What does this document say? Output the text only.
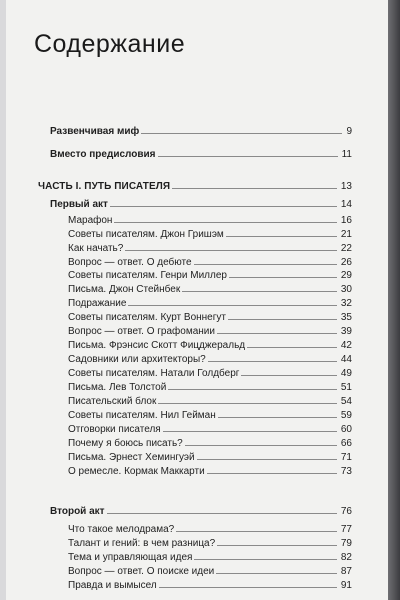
Содержание
Развенчивая миф	9
Вместо предисловия	11
ЧАСТЬ I. ПУТЬ ПИСАТЕЛЯ	13
Первый акт	14
Марафон	16
Советы писателям. Джон Гришэм	21
Как начать?	22
Вопрос — ответ. О дебюте	26
Советы писателям. Генри Миллер	29
Письма. Джон Стейнбек	30
Подражание	32
Советы писателям. Курт Воннегут	35
Вопрос — ответ. О графомании	39
Письма. Фрэнсис Скотт Фицджеральд	42
Садовники или архитекторы?	44
Советы писателям. Натали Голдберг	49
Письма. Лев Толстой	51
Писательский блок	54
Советы писателям. Нил Гейман	59
Отговорки писателя	60
Почему я боюсь писать?	66
Письма. Эрнест Хемингуэй	71
О ремесле. Кормак Маккарти	73
Второй акт	76
Что такое мелодрама?	77
Талант и гений: в чем разница?	79
Тема и управляющая идея	82
Вопрос — ответ. О поиске идеи	87
Правда и вымысел	91
